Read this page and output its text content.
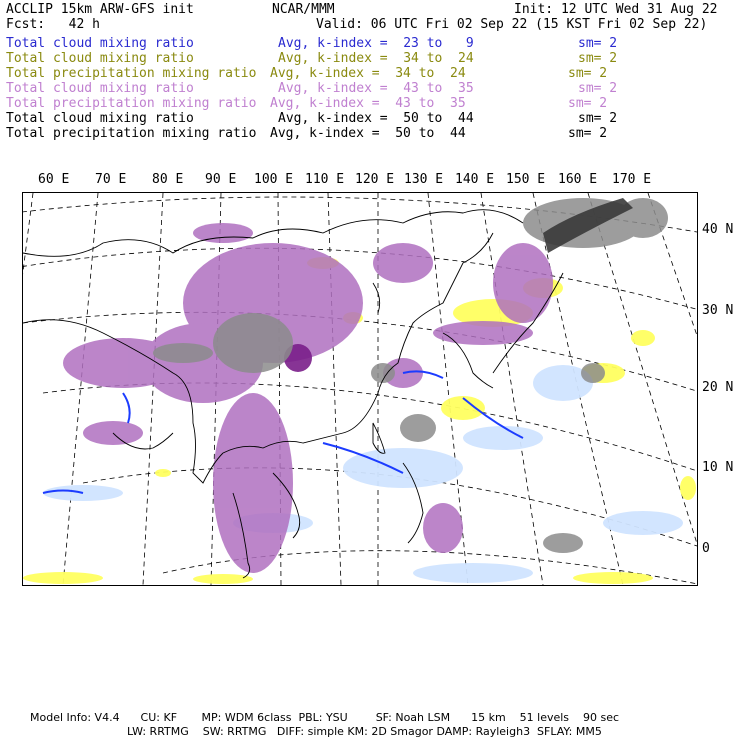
ACCLIP 15km ARW-GFS init	NCAR/MMM	Init: 12 UTC Wed 31 Aug 22
Fcst:   42 h	Valid: 06 UTC Fri 02 Sep 22 (15 KST Fri 02 Sep 22)
Total cloud mixing ratio	Avg, k-index =  23 to   9	sm= 2
Total cloud mixing ratio	Avg, k-index =  34 to  24	sm= 2
Total precipitation mixing ratio Avg, k-index =  34 to  24	sm= 2
Total cloud mixing ratio	Avg, k-index =  43 to  35	sm= 2
Total precipitation mixing ratio Avg, k-index =  43 to  35	sm= 2
Total cloud mixing ratio	Avg, k-index =  50 to  44	sm= 2
Total precipitation mixing ratio Avg, k-index =  50 to  44	sm= 2
60 E 70 E 80 E 90 E 100 E 110 E 120 E 130 E 140 E 150 E 160 E 170 E
40 N
30 N
20 N
10 N
0
Model Info: V4.4      CU: KF       MP: WDM 6class  PBL: YSU        SF: Noah LSM      15 km    51 levels    90 sec
LW: RRTMG    SW: RRTMG   DIFF: simple KM: 2D Smagor DAMP: Rayleigh3  SFLAY: MM5
